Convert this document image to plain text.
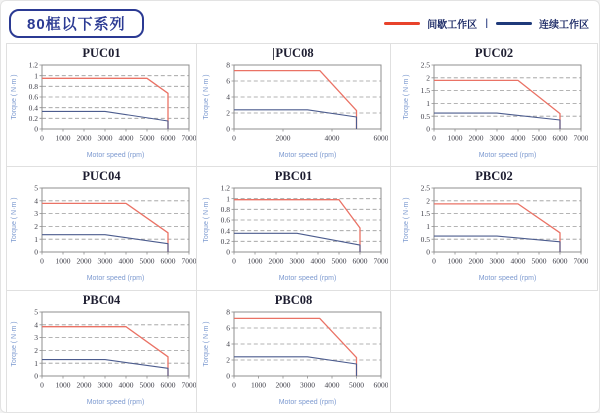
80框以下系列	间歇工作区 |	连续工作区
PUC01
0 1000 2000 3000 4000 5000 6000 7000
0
0.2
0.4
0.6
0.8
1
1.2
Torque ( N·m )
Motor speed (rpm)
PUC08
0	2000	4000	6000
0
2
4
6
8
Torque ( N·m )
Motor speed (rpm)
PUC02
0 1000 2000 3000 4000 5000 6000 7000
0
0.5
1
1.5
2
2.5
Torque ( N·m )
Motor speed (rpm)
PUC04
0 1000 2000 3000 4000 5000 6000 7000
0
1
2
3
4
5
Torque ( N·m )
Motor speed (rpm)
PBC01
0 1000 2000 3000 4000 5000 6000 7000
0
0.2
0.4
0.6
0.8
1
1.2
Torque ( N·m )
Motor speed (rpm)
PBC02
0 1000 2000 3000 4000 5000 6000 7000
0
0.5
1
1.5
2
2.5
Torque ( N·m )
Motor speed (rpm)
PBC04
0 1000 2000 3000 4000 5000 6000 7000
0
1
2
3
4
5
Torque ( N·m )
Motor speed (rpm)
PBC08
0 1000 2000 3000 4000 5000 6000
0
2
4
6
8
Torque ( N·m )
Motor speed (rpm)
